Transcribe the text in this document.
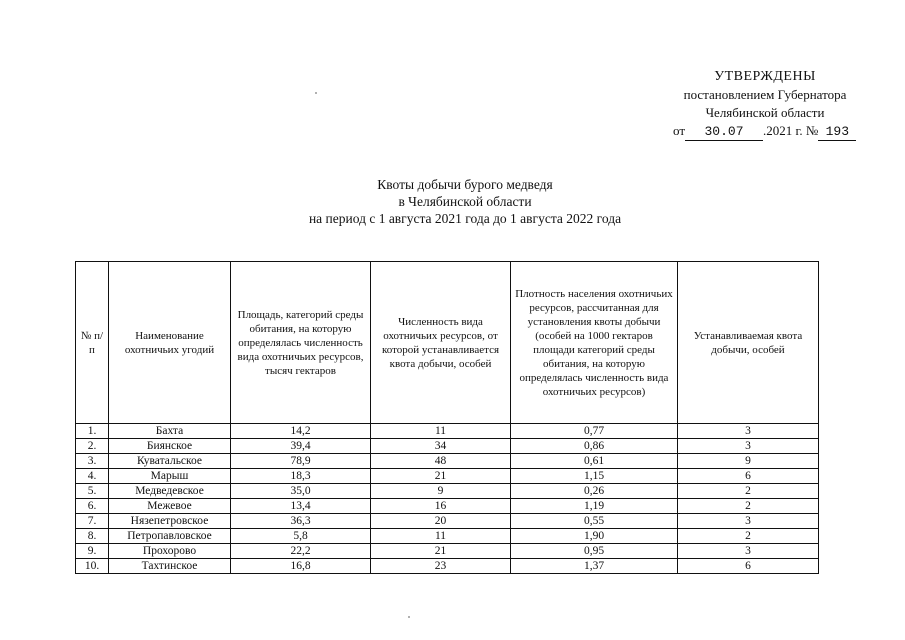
УТВЕРЖДЕНЫ
постановлением Губернатора
Челябинской области
от 30.07 .2021 г. № 193
Квоты добычи бурого медведя
в Челябинской области
на период с 1 августа 2021 года до 1 августа 2022 года
№ п/п	Наименование охотничьих угодий	Площадь, категорий среды обитания, на которую определялась численность вида охотничьих ресурсов, тысяч гектаров	Численность вида охотничьих ресурсов, от которой устанавливается квота добычи, особей	Плотность населения охотничьих ресурсов, рассчитанная для установления квоты добычи (особей на 1000 гектаров площади категорий среды обитания, на которую определялась численность вида охотничьих ресурсов)	Устанавливаемая квота добычи, особей
1.	Бахта	14,2	11	0,77	3
2.	Биянское	39,4	34	0,86	3
3.	Куватальское	78,9	48	0,61	9
4.	Марыш	18,3	21	1,15	6
5.	Медведевское	35,0	9	0,26	2
6.	Межевое	13,4	16	1,19	2
7.	Нязепетровское	36,3	20	0,55	3
8.	Петропавловское	5,8	11	1,90	2
9.	Прохорово	22,2	21	0,95	3
10.	Тахтинское	16,8	23	1,37	6
